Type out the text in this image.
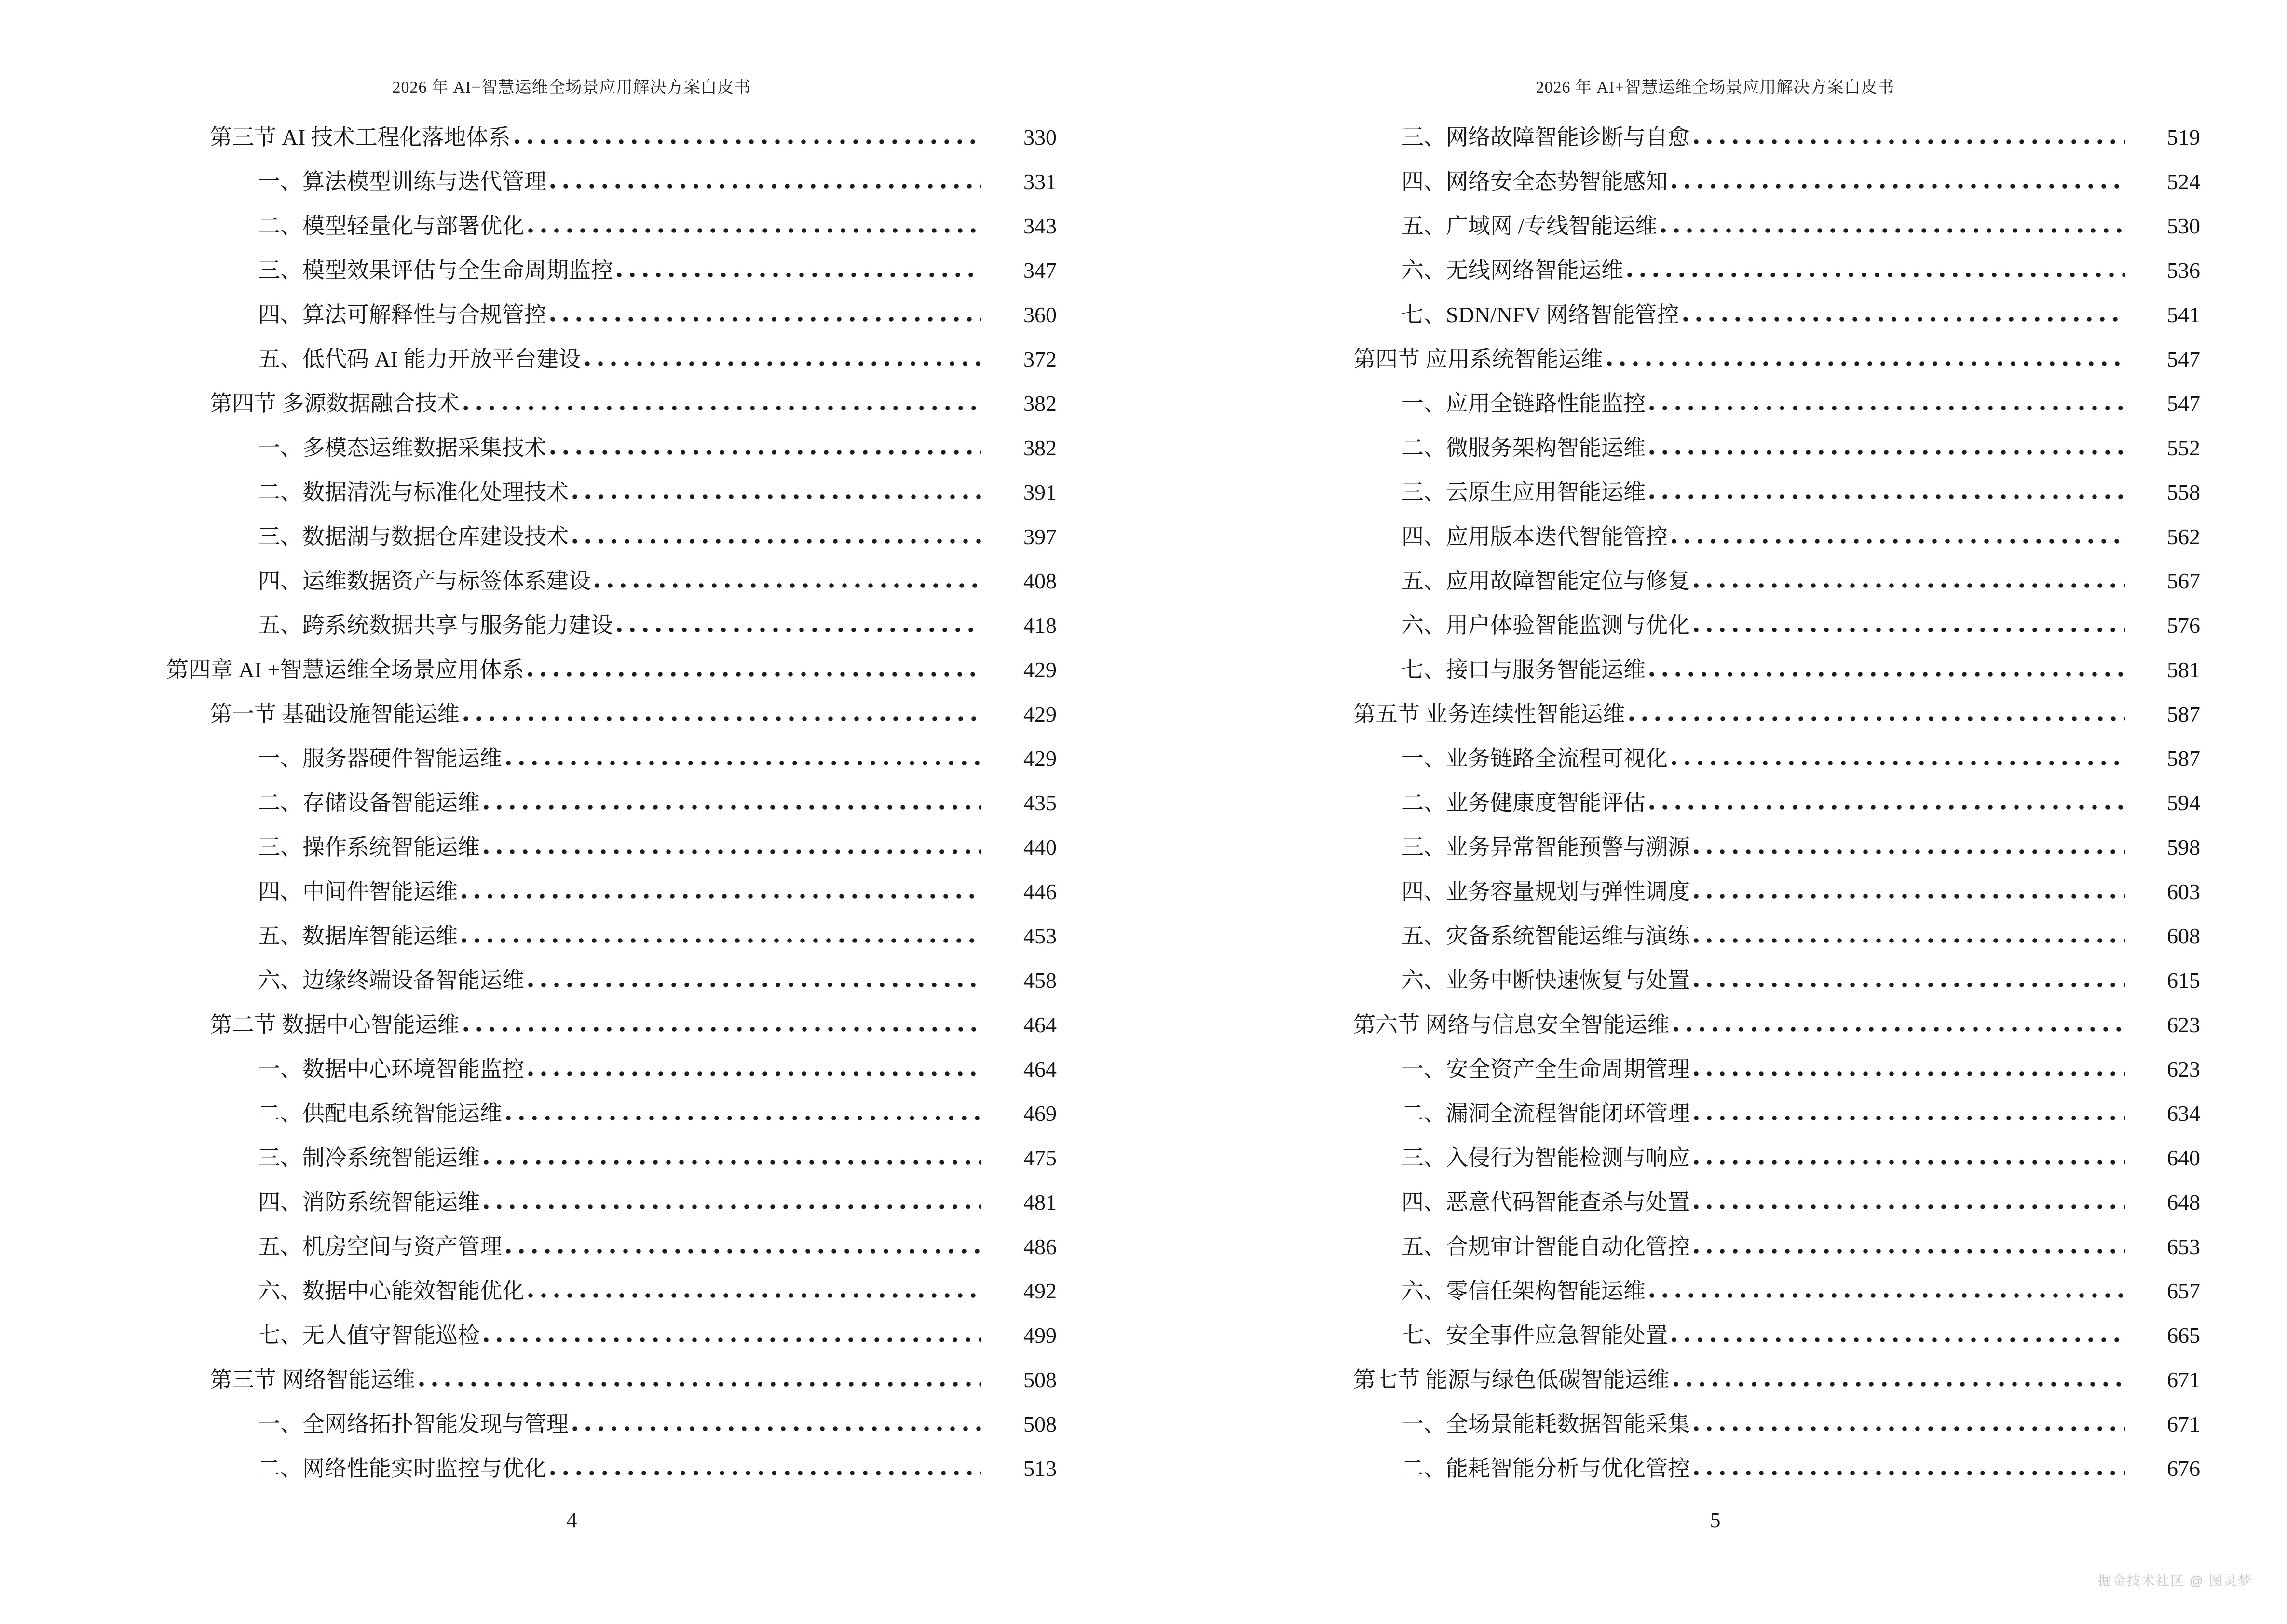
2026 年 AI+智慧运维全场景应用解决方案白皮书
第三节 AI 技术工程化落地体系	330
一、算法模型训练与迭代管理	331
二、模型轻量化与部署优化	343
三、模型效果评估与全生命周期监控	347
四、算法可解释性与合规管控	360
五、低代码 AI 能力开放平台建设	372
第四节 多源数据融合技术	382
一、多模态运维数据采集技术	382
二、数据清洗与标准化处理技术	391
三、数据湖与数据仓库建设技术	397
四、运维数据资产与标签体系建设	408
五、跨系统数据共享与服务能力建设	418
第四章 AI +智慧运维全场景应用体系	429
第一节 基础设施智能运维	429
一、服务器硬件智能运维	429
二、存储设备智能运维	435
三、操作系统智能运维	440
四、中间件智能运维	446
五、数据库智能运维	453
六、边缘终端设备智能运维	458
第二节 数据中心智能运维	464
一、数据中心环境智能监控	464
二、供配电系统智能运维	469
三、制冷系统智能运维	475
四、消防系统智能运维	481
五、机房空间与资产管理	486
六、数据中心能效智能优化	492
七、无人值守智能巡检	499
第三节 网络智能运维	508
一、全网络拓扑智能发现与管理	508
二、网络性能实时监控与优化	513
4
2026 年 AI+智慧运维全场景应用解决方案白皮书
三、网络故障智能诊断与自愈	519
四、网络安全态势智能感知	524
五、广域网 /专线智能运维	530
六、无线网络智能运维	536
七、SDN/NFV 网络智能管控	541
第四节 应用系统智能运维	547
一、应用全链路性能监控	547
二、微服务架构智能运维	552
三、云原生应用智能运维	558
四、应用版本迭代智能管控	562
五、应用故障智能定位与修复	567
六、用户体验智能监测与优化	576
七、接口与服务智能运维	581
第五节 业务连续性智能运维	587
一、业务链路全流程可视化	587
二、业务健康度智能评估	594
三、业务异常智能预警与溯源	598
四、业务容量规划与弹性调度	603
五、灾备系统智能运维与演练	608
六、业务中断快速恢复与处置	615
第六节 网络与信息安全智能运维	623
一、安全资产全生命周期管理	623
二、漏洞全流程智能闭环管理	634
三、入侵行为智能检测与响应	640
四、恶意代码智能查杀与处置	648
五、合规审计智能自动化管控	653
六、零信任架构智能运维	657
七、安全事件应急智能处置	665
第七节 能源与绿色低碳智能运维	671
一、全场景能耗数据智能采集	671
二、能耗智能分析与优化管控	676
5
掘金技术社区 @ 图灵梦
